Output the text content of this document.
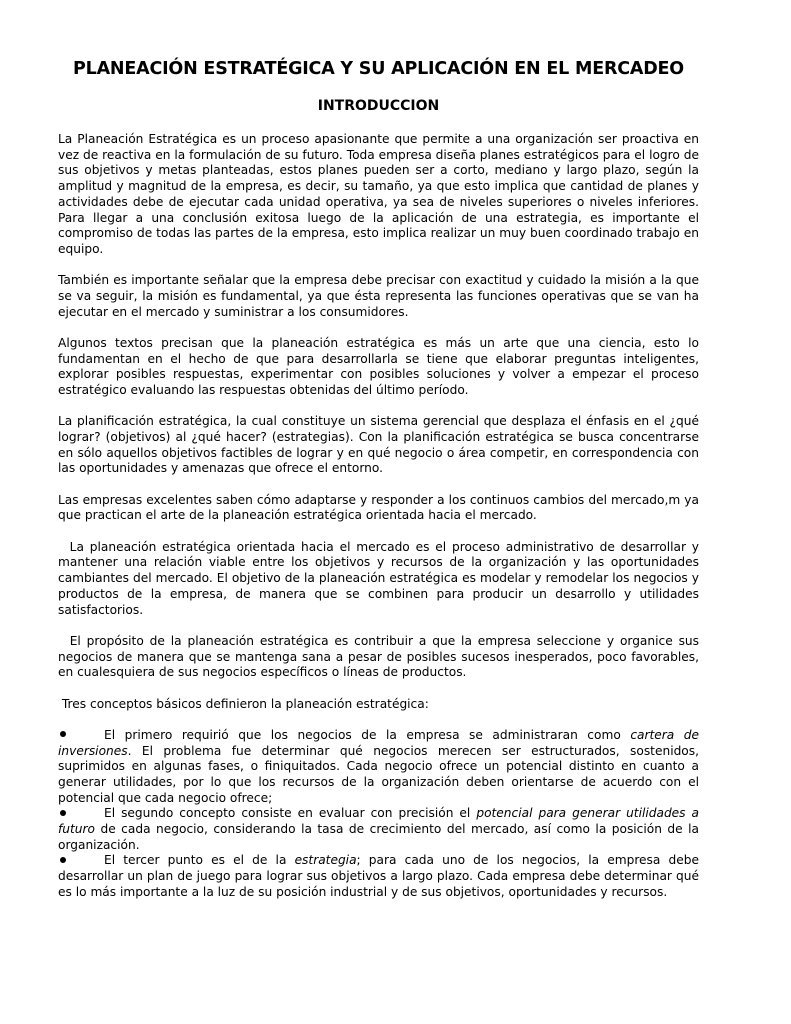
PLANEACIÓN ESTRATÉGICA Y SU APLICACIÓN EN EL MERCADEO
INTRODUCCION

La Planeación Estratégica es un proceso apasionante que permite a una organización ser proactiva en vez de reactiva en la formulación de su futuro. Toda empresa diseña planes estratégicos para el logro de sus objetivos y metas planteadas, estos planes pueden ser a corto, mediano y largo plazo, según la amplitud y magnitud de la empresa, es decir, su tamaño, ya que esto implica que cantidad de planes y actividades debe de ejecutar cada unidad operativa, ya sea de niveles superiores o niveles inferiores. Para llegar a una conclusión exitosa luego de la aplicación de una estrategia, es importante el compromiso de todas las partes de la empresa, esto implica realizar un muy buen coordinado trabajo en equipo.

También es importante señalar que la empresa debe precisar con exactitud y cuidado la misión a la que se va seguir, la misión es fundamental, ya que ésta representa las funciones operativas que se van ha ejecutar en el mercado y suministrar a los consumidores.

Algunos textos precisan que la planeación estratégica es más un arte que una ciencia, esto lo fundamentan en el hecho de que para desarrollarla se tiene que elaborar preguntas inteligentes, explorar posibles respuestas, experimentar con posibles soluciones y volver a empezar el proceso estratégico evaluando las respuestas obtenidas del último período.

La planificación estratégica, la cual constituye un sistema gerencial que desplaza el énfasis en el ¿qué lograr? (objetivos) al ¿qué hacer? (estrategias). Con la planificación estratégica se busca concentrarse en sólo aquellos objetivos factibles de lograr y en qué negocio o área competir, en correspondencia con las oportunidades y amenazas que ofrece el entorno.

Las empresas excelentes saben cómo adaptarse y responder a los continuos cambios del mercado,m ya que practican el arte de la planeación estratégica orientada hacia el mercado.

La planeación estratégica orientada hacia el mercado es el proceso administrativo de desarrollar y mantener una relación viable entre los objetivos y recursos de la organización y las oportunidades cambiantes del mercado. El objetivo de la planeación estratégica es modelar y remodelar los negocios y productos de la empresa, de manera que se combinen para producir un desarrollo y utilidades satisfactorios.

El propósito de la planeación estratégica es contribuir a que la empresa seleccione y organice sus negocios de manera que se mantenga sana a pesar de posibles sucesos inesperados, poco favorables, en cualesquiera de sus negocios específicos o líneas de productos.

Tres conceptos básicos definieron la planeación estratégica:

El primero requirió que los negocios de la empresa se administraran como cartera de inversiones. El problema fue determinar qué negocios merecen ser estructurados, sostenidos, suprimidos en algunas fases, o finiquitados. Cada negocio ofrece un potencial distinto en cuanto a generar utilidades, por lo que los recursos de la organización deben orientarse de acuerdo con el potencial que cada negocio ofrece;
El segundo concepto consiste en evaluar con precisión el potencial para generar utilidades a futuro de cada negocio, considerando la tasa de crecimiento del mercado, así como la posición de la organización.
El tercer punto es el de la estrategia; para cada uno de los negocios, la empresa debe desarrollar un plan de juego para lograr sus objetivos a largo plazo. Cada empresa debe determinar qué es lo más importante a la luz de su posición industrial y de sus objetivos, oportunidades y recursos.
